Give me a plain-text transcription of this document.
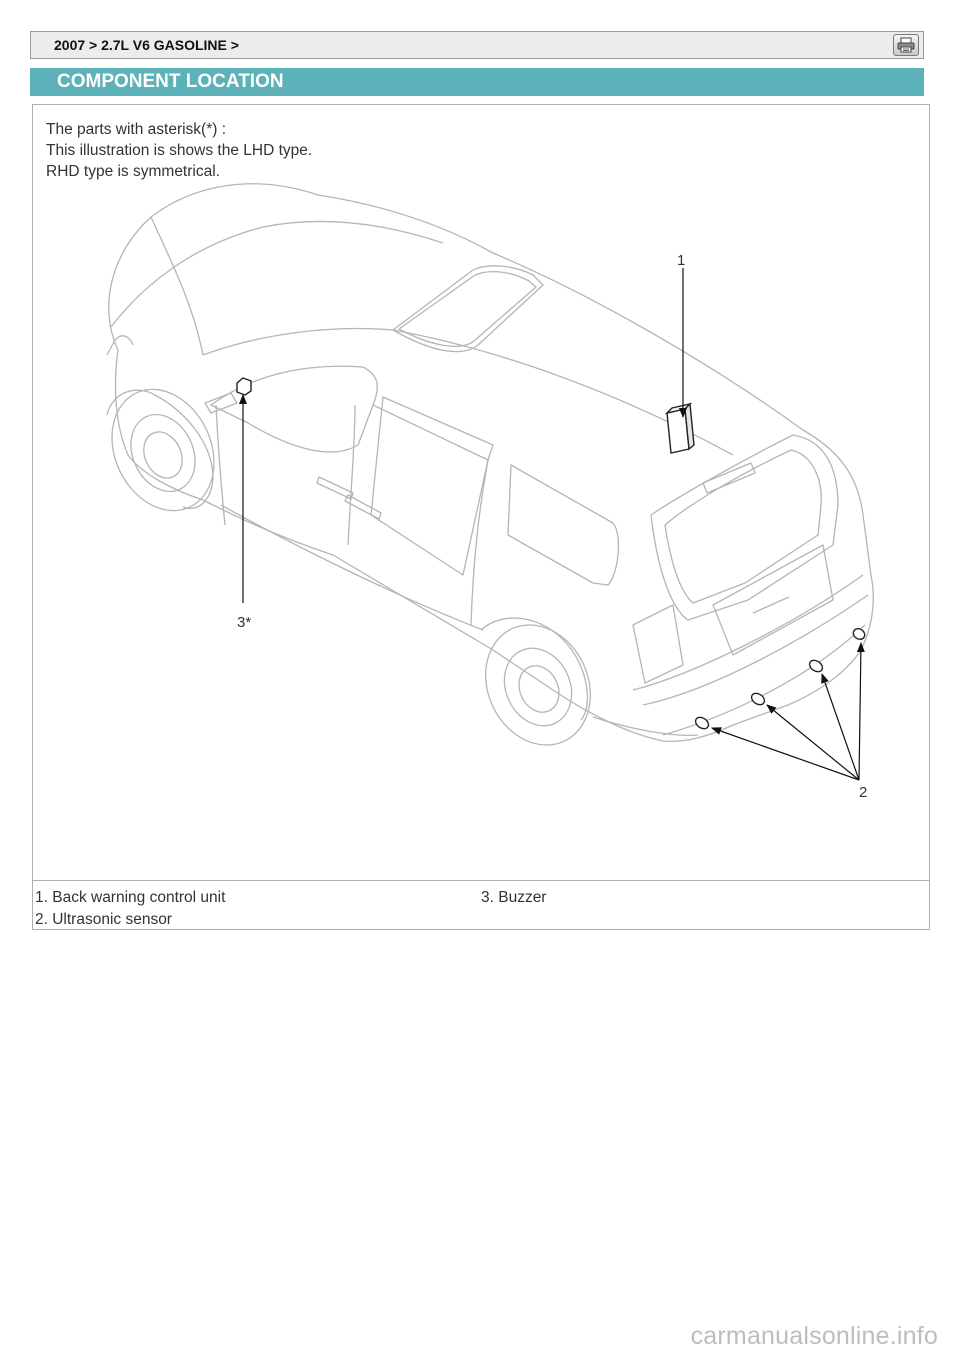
2007 > 2.7L V6 GASOLINE >
COMPONENT LOCATION
1
3*
2
The parts with asterisk(*) :
This illustration is shows the LHD type.
RHD type is symmetrical.
1. Back warning control unit
2. Ultrasonic sensor
3. Buzzer
carmanualsonline.info
